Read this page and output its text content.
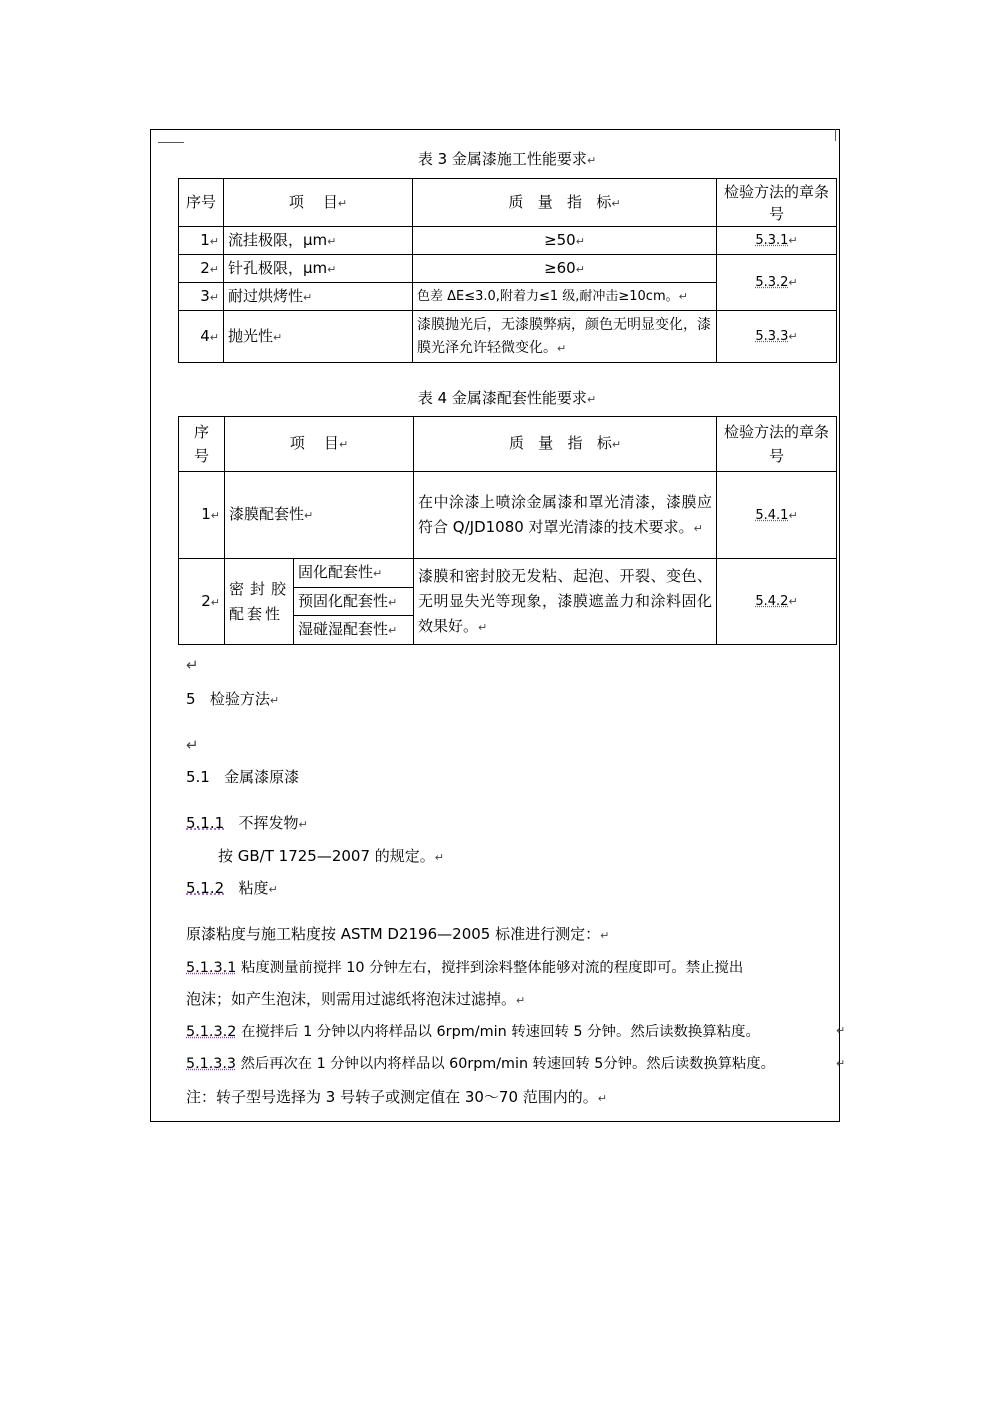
表 3 金属漆施工性能要求↵
序号	项    目↵	质   量   指   标↵	检验方法的章条号
1↵	流挂极限，μm↵	≥50↵	5.3.1↵
2↵	针孔极限，μm↵	≥60↵	5.3.2↵
3↵	耐过烘烤性↵	色差 ΔE≤3.0,附着力≤1 级,耐冲击≥10cm。↵	
4↵	抛光性↵	漆膜抛光后，无漆膜弊病，颜色无明显变化，漆膜光泽允许轻微变化。↵	5.3.3↵
表 4 金属漆配套性能要求↵
序号	项    目↵		质   量   指   标↵	检验方法的章条号
1↵	漆膜配套性↵		在中涂漆上喷涂金属漆和罩光清漆，漆膜应符合 Q/JD1080 对罩光清漆的技术要求。↵	5.4.1↵
2↵	密封胶配套性	固化配套性↵	漆膜和密封胶无发粘、起泡、开裂、变色、无明显失光等现象，漆膜遮盖力和涂料固化效果好。↵	5.4.2↵
		预固化配套性↵		
		湿碰湿配套性↵		
↵
5 检验方法↵
↵
5.1 金属漆原漆
5.1.1 不挥发物↵
按 GB/T 1725—2007 的规定。↵
5.1.2 粘度↵
原漆粘度与施工粘度按 ASTM D2196—2005 标准进行测定：↵
5.1.3.1 粘度测量前搅拌 10 分钟左右，搅拌到涂料整体能够对流的程度即可。禁止搅出
泡沫；如产生泡沫，则需用过滤纸将泡沫过滤掉。↵
5.1.3.2 在搅拌后 1 分钟以内将样品以 6rpm/min 转速回转 5 分钟。然后读数换算粘度。	↵
5.1.3.3 然后再次在 1 分钟以内将样品以 60rpm/min 转速回转 5分钟。然后读数换算粘度。	↵
注：转子型号选择为 3 号转子或测定值在 30～70 范围内的。↵
